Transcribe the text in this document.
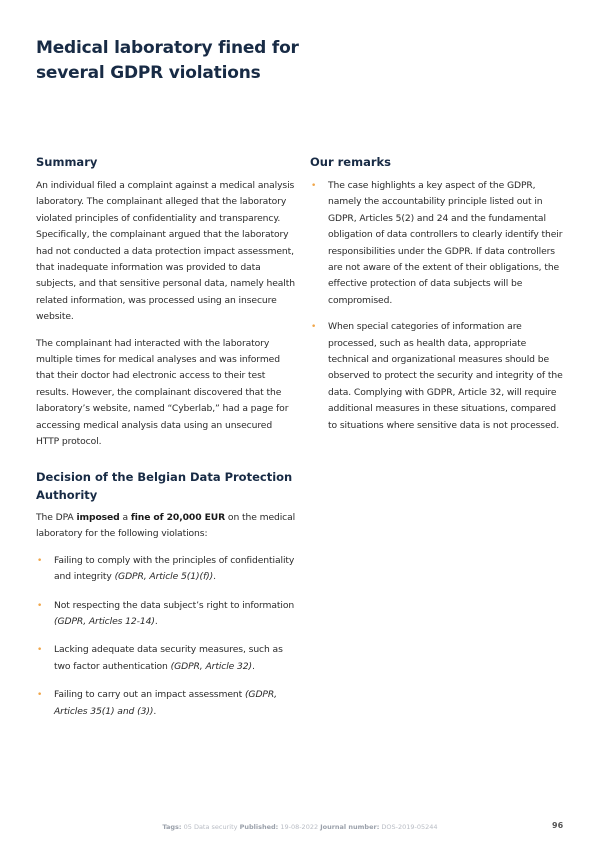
Medical laboratory fined for several GDPR violations
Summary

An individual filed a complaint against a medical analysis laboratory. The complainant alleged that the laboratory violated principles of confidentiality and transparency. Specifically, the complainant argued that the laboratory had not conducted a data protection impact assessment, that inadequate information was provided to data subjects, and that sensitive personal data, namely health related information, was processed using an insecure website.

The complainant had interacted with the laboratory multiple times for medical analyses and was informed that their doctor had electronic access to their test results. However, the complainant discovered that the laboratory’s website, named “Cyberlab,” had a page for accessing medical analysis data using an unsecured HTTP protocol.

Our remarks
• The case highlights a key aspect of the GDPR, namely the accountability principle listed out in GDPR, Articles 5(2) and 24 and the fundamental obligation of data controllers to clearly identify their responsibilities under the GDPR. If data controllers are not aware of the extent of their obligations, the effective protection of data subjects will be compromised.
• When special categories of information are processed, such as health data, appropriate technical and organizational measures should be observed to protect the security and integrity of the data. Complying with GDPR, Article 32, will require additional measures in these situations, compared to situations where sensitive data is not processed.
Decision of the Belgian Data Protection Authority

The DPA imposed a fine of 20,000 EUR on the medical laboratory for the following violations:

• Failing to comply with the principles of confidentiality and integrity (GDPR, Article 5(1)(f)).
• Not respecting the data subject’s right to information (GDPR, Articles 12-14).
• Lacking adequate data security measures, such as two factor authentication (GDPR, Article 32).
• Failing to carry out an impact assessment (GDPR, Articles 35(1) and (3)).
Tags: 05 Data security Published: 19-08-2022 Journal number: DOS-2019-05244	96
